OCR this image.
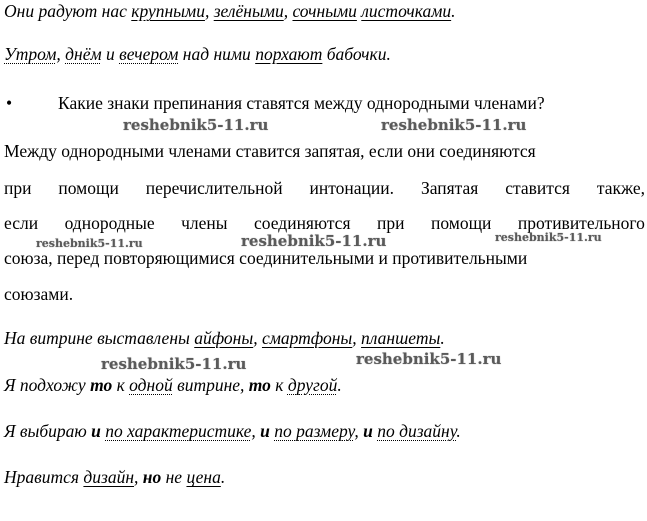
Они радуют нас крупными, зелёными, сочными листочками.
Утром, днём и вечером над ними порхают бабочки.
•	Какие знаки препинания ставятся между однородными членами?
Между однородными членами ставится запятая, если они соединяются
при помощи перечислительной интонации. Запятая ставится также,
если однородные члены соединяются при помощи противительного
союза, перед повторяющимися соединительными и противительными
союзами.
На витрине выставлены айфоны, смартфоны, планшеты.
Я подхожу то к одной витрине, то к другой.
Я выбираю и по характеристике, и по размеру, и по дизайну.
Нравится дизайн, но не цена.
reshebnik5-11.ru	reshebnik5-11.ru
reshebnik5-11.ru	reshebnik5-11.ru	reshebnik5-11.ru
reshebnik5-11.ru	reshebnik5-11.ru
